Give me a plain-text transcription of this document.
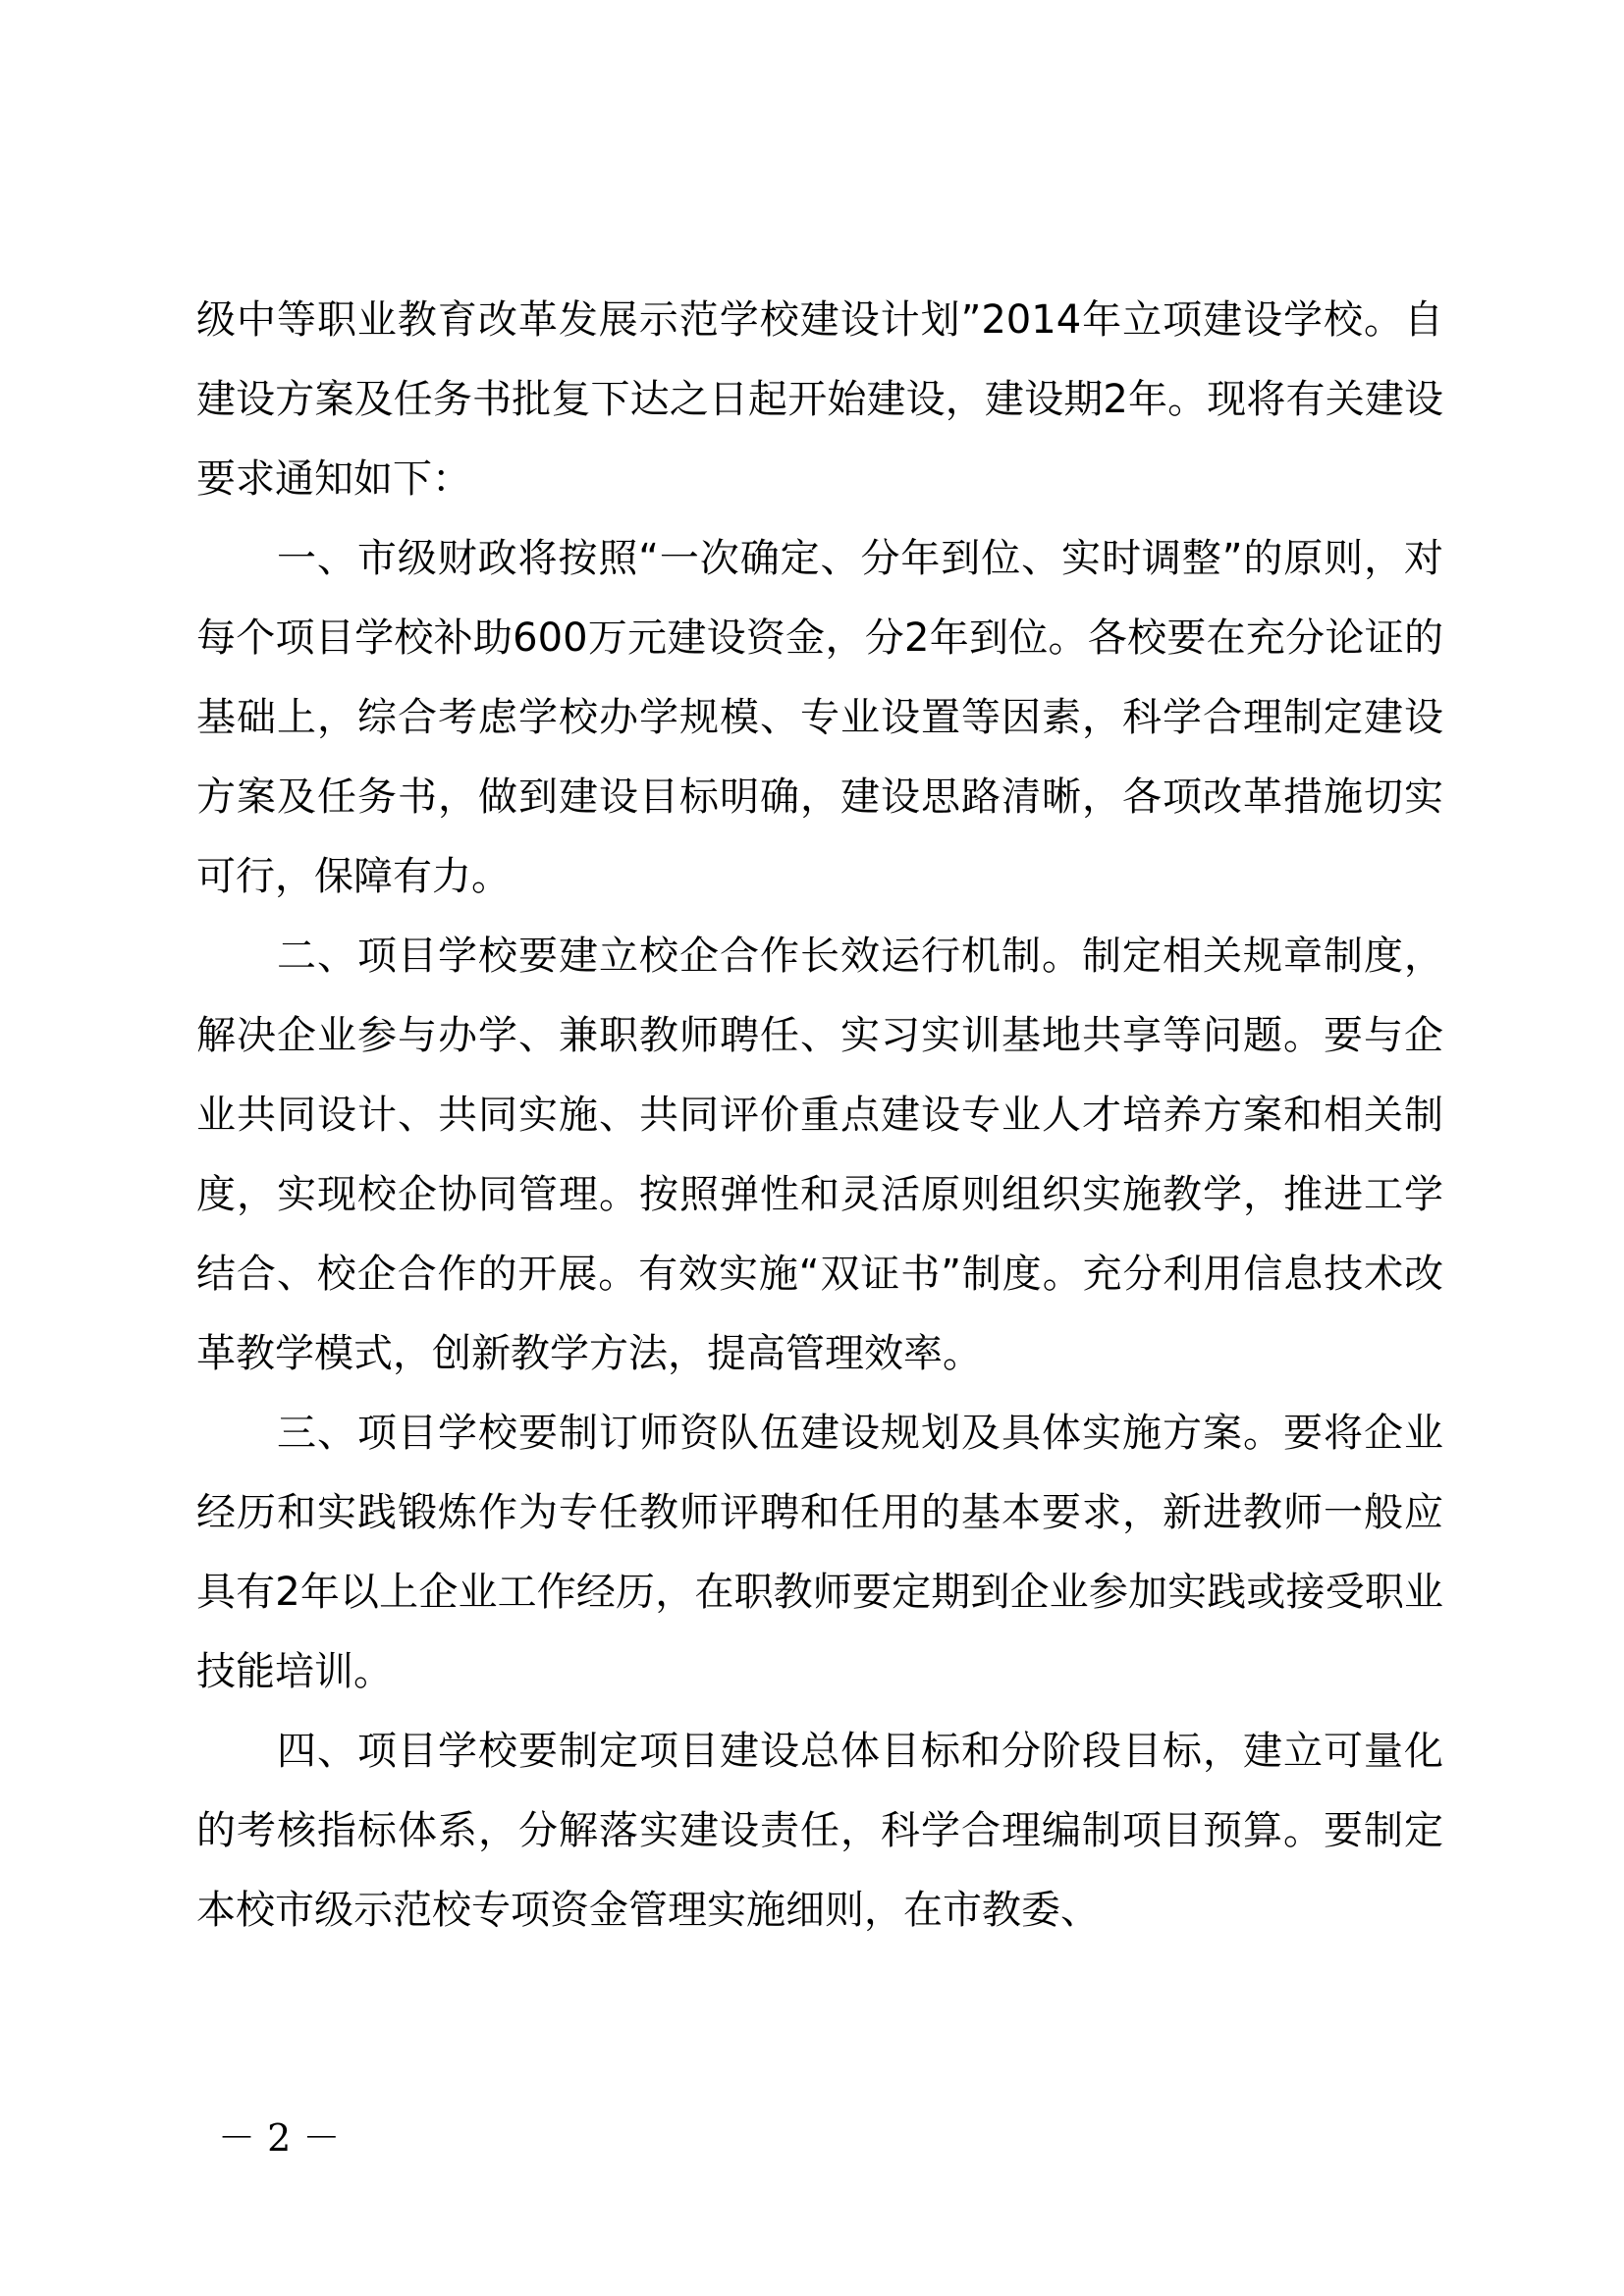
级中等职业教育改革发展示范学校建设计划”2014年立项建设学校。自建设方案及任务书批复下达之日起开始建设，建设期2年。现将有关建设要求通知如下：

一、市级财政将按照“一次确定、分年到位、实时调整”的原则，对每个项目学校补助600万元建设资金，分2年到位。各校要在充分论证的基础上，综合考虑学校办学规模、专业设置等因素，科学合理制定建设方案及任务书，做到建设目标明确，建设思路清晰，各项改革措施切实可行，保障有力。

二、项目学校要建立校企合作长效运行机制。制定相关规章制度，解决企业参与办学、兼职教师聘任、实习实训基地共享等问题。要与企业共同设计、共同实施、共同评价重点建设专业人才培养方案和相关制度，实现校企协同管理。按照弹性和灵活原则组织实施教学，推进工学结合、校企合作的开展。有效实施“双证书”制度。充分利用信息技术改革教学模式，创新教学方法，提高管理效率。

三、项目学校要制订师资队伍建设规划及具体实施方案。要将企业经历和实践锻炼作为专任教师评聘和任用的基本要求，新进教师一般应具有2年以上企业工作经历，在职教师要定期到企业参加实践或接受职业技能培训。

四、项目学校要制定项目建设总体目标和分阶段目标，建立可量化的考核指标体系，分解落实建设责任，科学合理编制项目预算。要制定本校市级示范校专项资金管理实施细则，在市教委、

－ 2 －
